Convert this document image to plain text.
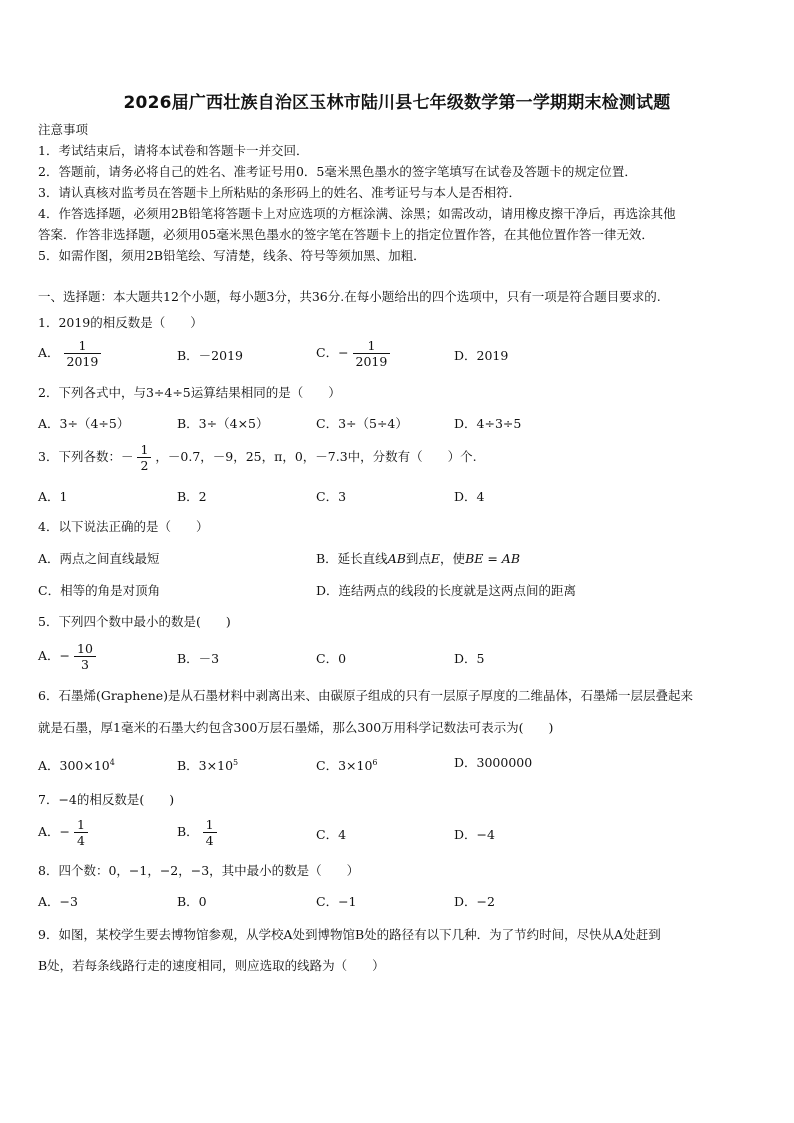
2026届广西壮族自治区玉林市陆川县七年级数学第一学期期末检测试题
注意事项
1．考试结束后，请将本试卷和答题卡一并交回．
2．答题前，请务必将自己的姓名、准考证号用0．5毫米黑色墨水的签字笔填写在试卷及答题卡的规定位置．
3．请认真核对监考员在答题卡上所粘贴的条形码上的姓名、准考证号与本人是否相符．
4．作答选择题，必须用2B铅笔将答题卡上对应选项的方框涂满、涂黑；如需改动，请用橡皮擦干净后，再选涂其他
答案．作答非选择题，必须用05毫米黑色墨水的签字笔在答题卡上的指定位置作答，在其他位置作答一律无效．
5．如需作图，须用2B铅笔绘、写清楚，线条、符号等须加黑、加粗．
一、选择题：本大题共12个小题，每小题3分，共36分.在每小题给出的四个选项中，只有一项是符合题目要求的.
1．2019的相反数是（　　）
A． $\frac{1}{2019}$	B．－2019	C．− $\frac{1}{2019}$	D．2019
2．下列各式中，与3÷4÷5运算结果相同的是（　　）
A．3÷（4÷5）	B．3÷（4×5）	C．3÷（5÷4）	D．4÷3÷5
3．下列各数：－ $\frac{1}{2}$ ，－0.7，－9，25，π，0，－7.3中，分数有（　　）个.
A．1	B．2	C．3	D．4
4．以下说法正确的是（　　）
A．两点之间直线最短	B．延长直线AB到点E，使BE = AB
C．相等的角是对顶角	D．连结两点的线段的长度就是这两点间的距离
5．下列四个数中最小的数是(　　)
A．− $\frac{10}{3}$	B．－3	C．0	D．5
6．石墨烯(Graphene)是从石墨材料中剥离出来、由碳原子组成的只有一层原子厚度的二维晶体，石墨烯一层层叠起来
就是石墨，厚1毫米的石墨大约包含300万层石墨烯，那么300万用科学记数法可表示为(　　)
A．$300\times 10^4$	B．$3\times 10^5$	C．$3\times 10^6$	D．3000000
7．−4的相反数是(　　)
A．− $\frac{1}{4}$	B． $\frac{1}{4}$	C．4	D．−4
8．四个数：0，−1，−2，−3，其中最小的数是（　　）
A．−3	B．0	C．−1	D．−2
9．如图，某校学生要去博物馆参观，从学校A处到博物馆B处的路径有以下几种．为了节约时间，尽快从A处赶到
B处，若每条线路行走的速度相同，则应选取的线路为（　　）
